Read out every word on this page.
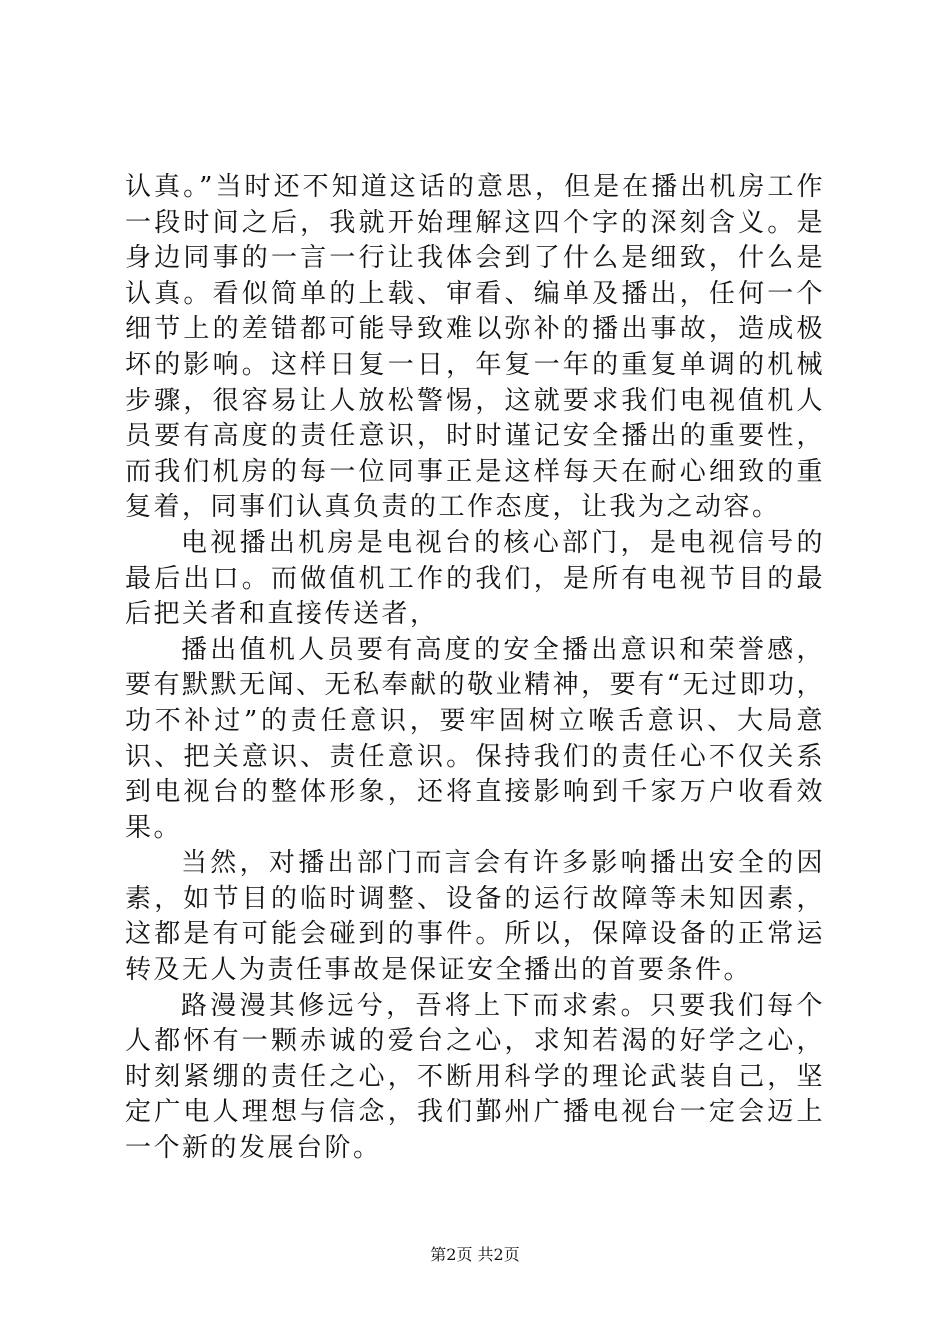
认真。”当时还不知道这话的意思，但是在播出机房工作一段时间之后，我就开始理解这四个字的深刻含义。是身边同事的一言一行让我体会到了什么是细致，什么是认真。看似简单的上载、审看、编单及播出，任何一个细节上的差错都可能导致难以弥补的播出事故，造成极坏的影响。这样日复一日，年复一年的重复单调的机械步骤，很容易让人放松警惕，这就要求我们电视值机人员要有高度的责任意识，时时谨记安全播出的重要性，而我们机房的每一位同事正是这样每天在耐心细致的重复着，同事们认真负责的工作态度，让我为之动容。

电视播出机房是电视台的核心部门，是电视信号的最后出口。而做值机工作的我们，是所有电视节目的最后把关者和直接传送者，

播出值机人员要有高度的安全播出意识和荣誉感，要有默默无闻、无私奉献的敬业精神，要有“无过即功，功不补过”的责任意识，要牢固树立喉舌意识、大局意识、把关意识、责任意识。保持我们的责任心不仅关系到电视台的整体形象，还将直接影响到千家万户收看效果。

当然，对播出部门而言会有许多影响播出安全的因素，如节目的临时调整、设备的运行故障等未知因素，这都是有可能会碰到的事件。所以，保障设备的正常运转及无人为责任事故是保证安全播出的首要条件。

路漫漫其修远兮，吾将上下而求索。只要我们每个人都怀有一颗赤诚的爱台之心，求知若渴的好学之心，时刻紧绷的责任之心，不断用科学的理论武装自己，坚定广电人理想与信念，我们鄞州广播电视台一定会迈上一个新的发展台阶。

第2页 共2页
